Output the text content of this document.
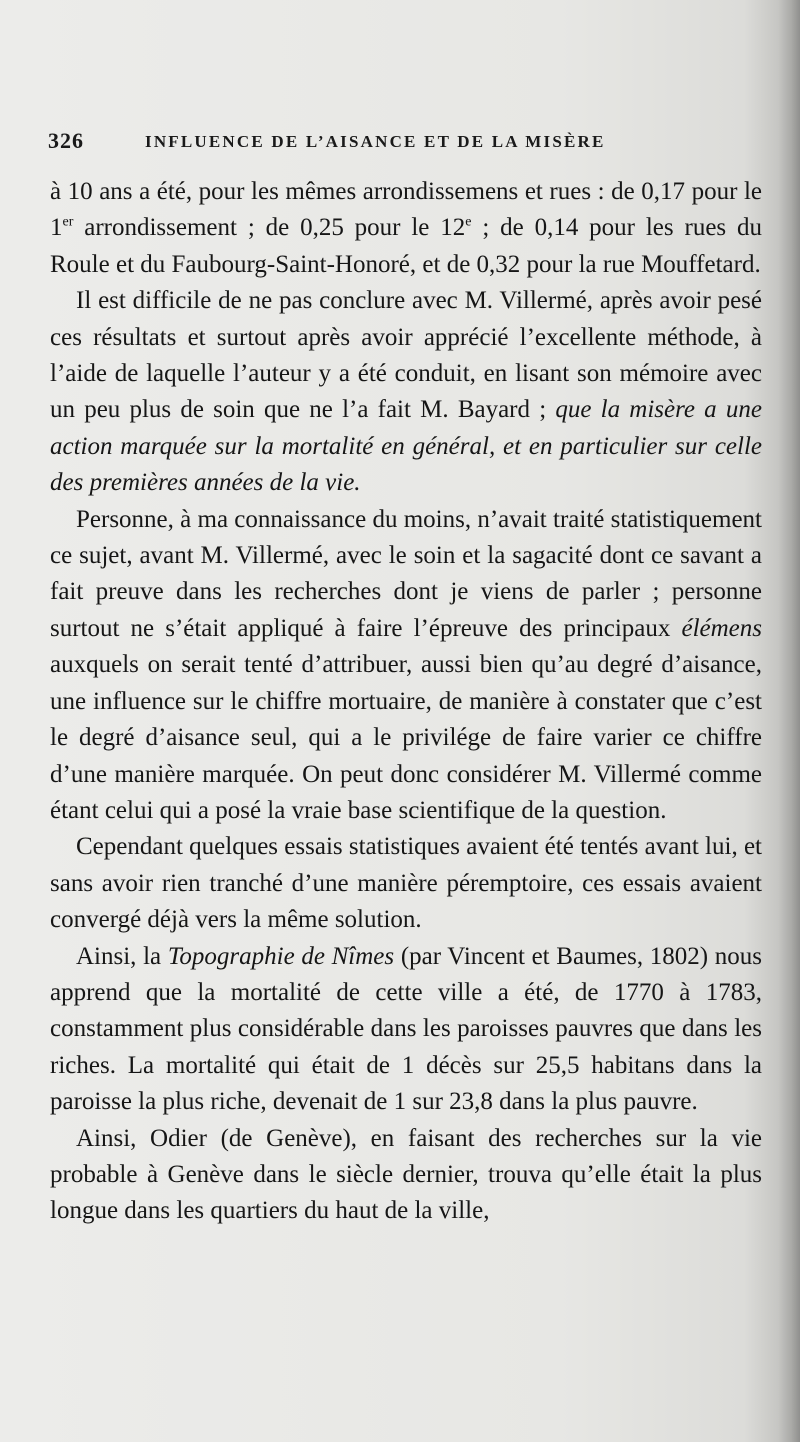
326	INFLUENCE DE L’AISANCE ET DE LA MISÈRE

à 10 ans a été, pour les mêmes arrondissemens et rues : de 0,17 pour le 1er arrondissement ; de 0,25 pour le 12e ; de 0,14 pour les rues du Roule et du Faubourg-Saint-Honoré, et de 0,32 pour la rue Mouffetard.

Il est difficile de ne pas conclure avec M. Villermé, après avoir pesé ces résultats et surtout après avoir apprécié l’excellente méthode, à l’aide de laquelle l’auteur y a été conduit, en lisant son mémoire avec un peu plus de soin que ne l’a fait M. Bayard ; que la misère a une action marquée sur la mortalité en général, et en particulier sur celle des premières années de la vie.

Personne, à ma connaissance du moins, n’avait traité statistiquement ce sujet, avant M. Villermé, avec le soin et la sagacité dont ce savant a fait preuve dans les recherches dont je viens de parler ; personne surtout ne s’était appliqué à faire l’épreuve des principaux élémens auxquels on serait tenté d’attribuer, aussi bien qu’au degré d’aisance, une influence sur le chiffre mortuaire, de manière à constater que c’est le degré d’aisance seul, qui a le privilége de faire varier ce chiffre d’une manière marquée. On peut donc considérer M. Villermé comme étant celui qui a posé la vraie base scientifique de la question.

Cependant quelques essais statistiques avaient été tentés avant lui, et sans avoir rien tranché d’une manière péremptoire, ces essais avaient convergé déjà vers la même solution.

Ainsi, la Topographie de Nîmes (par Vincent et Baumes, 1802) nous apprend que la mortalité de cette ville a été, de 1770 à 1783, constamment plus considérable dans les paroisses pauvres que dans les riches. La mortalité qui était de 1 décès sur 25,5 habitans dans la paroisse la plus riche, devenait de 1 sur 23,8 dans la plus pauvre.

Ainsi, Odier (de Genève), en faisant des recherches sur la vie probable à Genève dans le siècle dernier, trouva qu’elle était la plus longue dans les quartiers du haut de la ville,
